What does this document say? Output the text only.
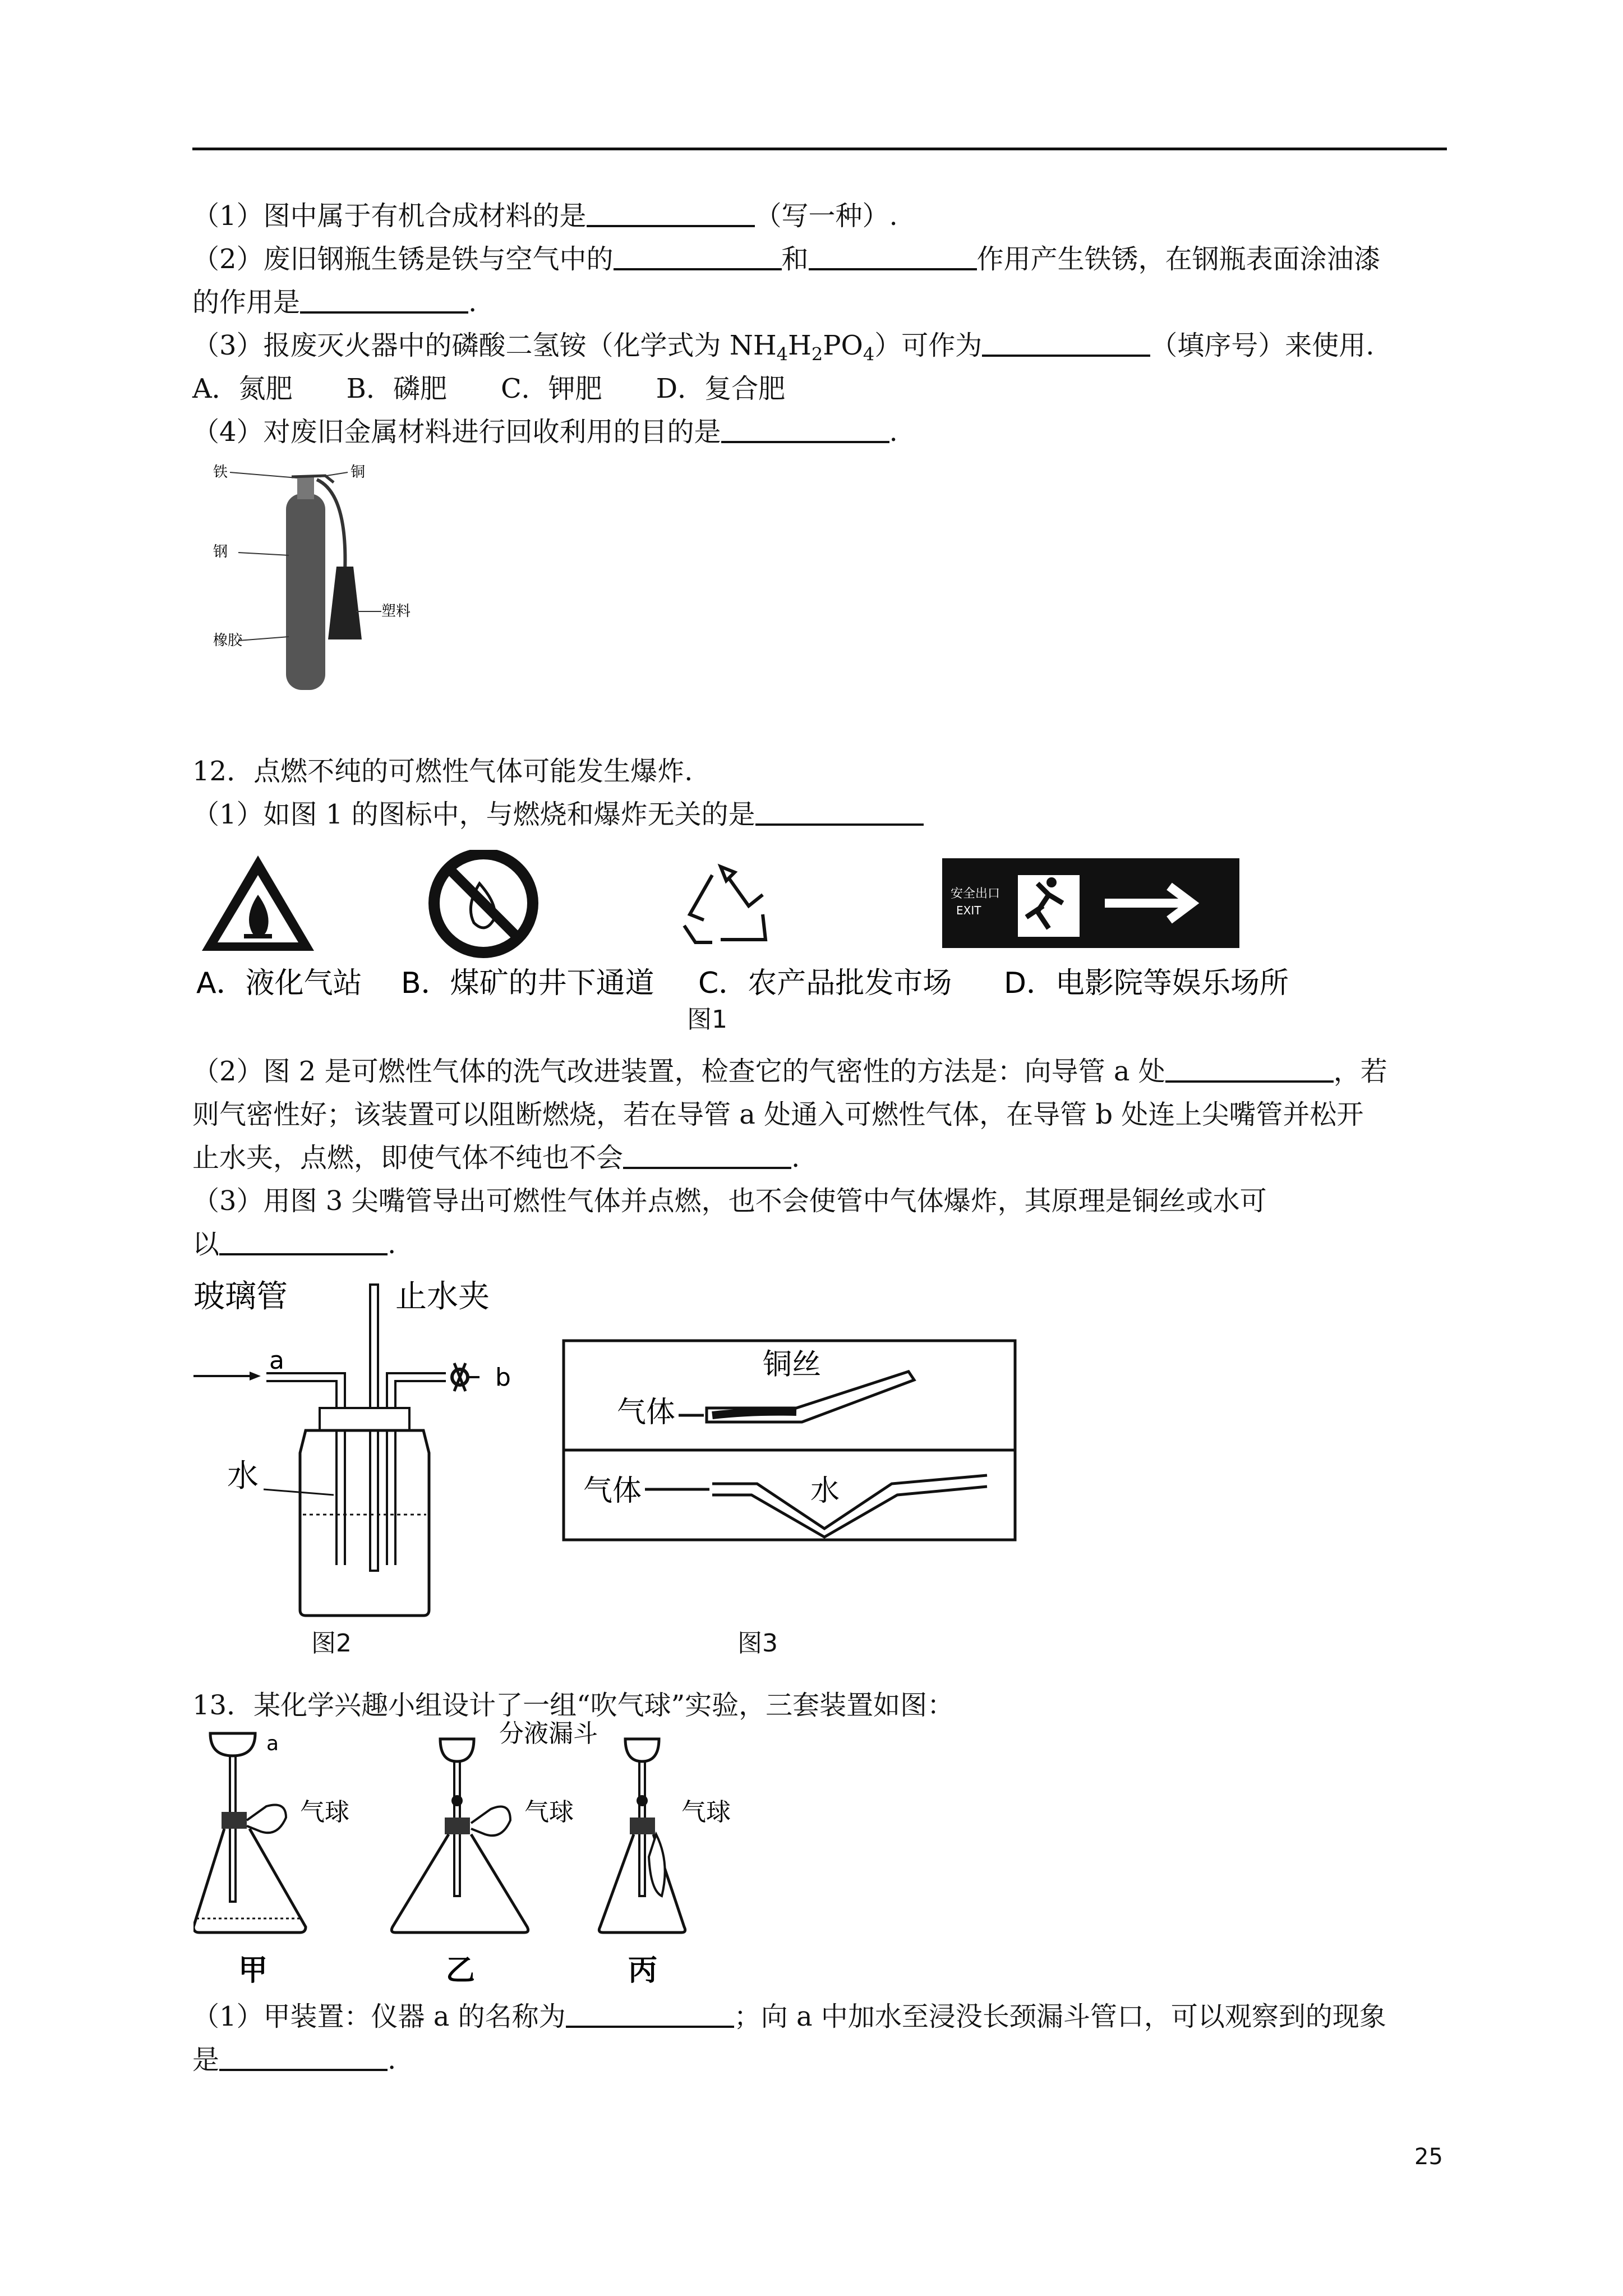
（1）图中属于有机合成材料的是	（写一种）.
（2）废旧钢瓶生锈是铁与空气中的	和	作用产生铁锈，在钢瓶表面涂油漆
的作用是	.
（3）报废灭火器中的磷酸二氢铵（化学式为 $NH_4H_2PO_4$）可作为	（填序号）来使用.
A．氮肥　　B．磷肥　　C．钾肥　　D．复合肥
（4）对废旧金属材料进行回收利用的目的是	.
铁	铜
钢
塑料
橡胶
12．点燃不纯的可燃性气体可能发生爆炸.
（1）如图 1 的图标中，与燃烧和爆炸无关的是
安全出口
EXIT
A．液化气站 B．煤矿的井下通道 C．农产品批发市场 D．电影院等娱乐场所
图1
（2）图 2 是可燃性气体的洗气改进装置，检查它的气密性的方法是：向导管 a 处	，若
则气密性好；该装置可以阻断燃烧，若在导管 a 处通入可燃性气体，在导管 b 处连上尖嘴管并松开
止水夹，点燃，即使气体不纯也不会	.
（3）用图 3 尖嘴管导出可燃性气体并点燃，也不会使管中气体爆炸，其原理是铜丝或水可
以	.
玻璃管	止水夹
a
b
水
图2
铜丝
气体
气体	水
图3
13．某化学兴趣小组设计了一组“吹气球”实验，三套装置如图：
a
气球
分液漏斗
气球	气球
甲	乙	丙
（1）甲装置：仪器 a 的名称为	；向 a 中加水至浸没长颈漏斗管口，可以观察到的现象
是	.
25
